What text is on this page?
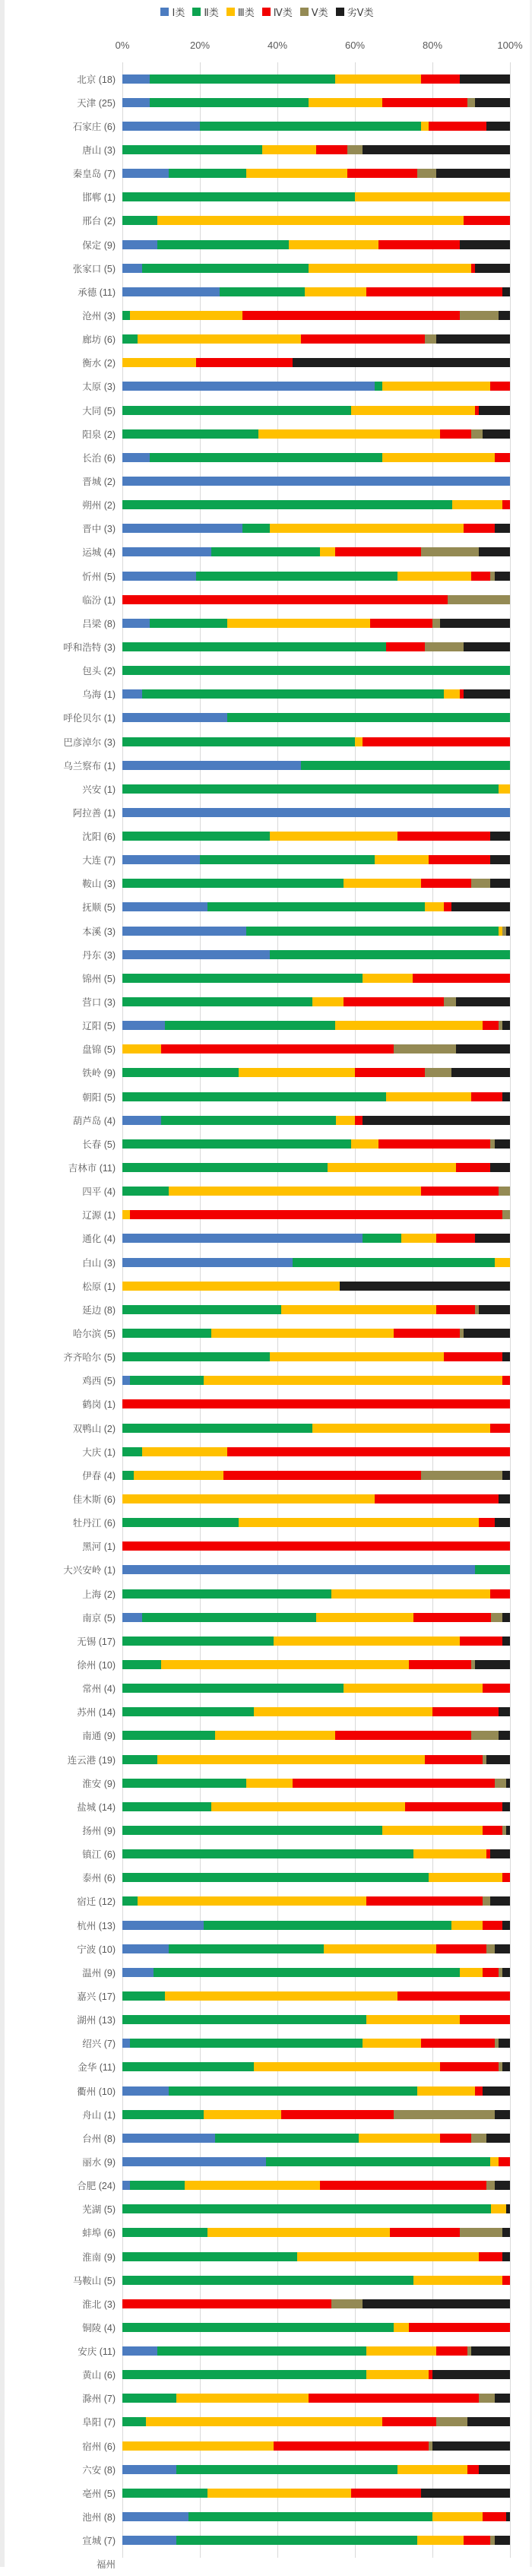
Ⅰ类 Ⅱ类 Ⅲ类 Ⅳ类 Ⅴ类 劣Ⅴ类
0%	20%	40%	60%	80%	100%
北京 (18)
天津 (25)
石家庄 (6)
唐山 (3)
秦皇岛 (7)
邯郸 (1)
邢台 (2)
保定 (9)
张家口 (5)
承德 (11)
沧州 (3)
廊坊 (6)
衡水 (2)
太原 (3)
大同 (5)
阳泉 (2)
长治 (6)
晋城 (2)
朔州 (2)
晋中 (3)
运城 (4)
忻州 (5)
临汾 (1)
吕梁 (8)
呼和浩特 (3)
包头 (2)
乌海 (1)
呼伦贝尔 (1)
巴彦淖尔 (3)
乌兰察布 (1)
兴安 (1)
阿拉善 (1)
沈阳 (6)
大连 (7)
鞍山 (3)
抚顺 (5)
本溪 (3)
丹东 (3)
锦州 (5)
营口 (3)
辽阳 (5)
盘锦 (5)
铁岭 (9)
朝阳 (5)
葫芦岛 (4)
长春 (5)
吉林市 (11)
四平 (4)
辽源 (1)
通化 (4)
白山 (3)
松原 (1)
延边 (8)
哈尔滨 (5)
齐齐哈尔 (5)
鸡西 (5)
鹤岗 (1)
双鸭山 (2)
大庆 (1)
伊春 (4)
佳木斯 (6)
牡丹江 (6)
黑河 (1)
大兴安岭 (1)
上海 (2)
南京 (5)
无锡 (17)
徐州 (10)
常州 (4)
苏州 (14)
南通 (9)
连云港 (19)
淮安 (9)
盐城 (14)
扬州 (9)
镇江 (6)
泰州 (6)
宿迁 (12)
杭州 (13)
宁波 (10)
温州 (9)
嘉兴 (17)
湖州 (13)
绍兴 (7)
金华 (11)
衢州 (10)
舟山 (1)
台州 (8)
丽水 (9)
合肥 (24)
芜湖 (5)
蚌埠 (6)
淮南 (9)
马鞍山 (5)
淮北 (3)
铜陵 (4)
安庆 (11)
黄山 (6)
滁州 (7)
阜阳 (7)
宿州 (6)
六安 (8)
亳州 (5)
池州 (8)
宣城 (7)
福州
